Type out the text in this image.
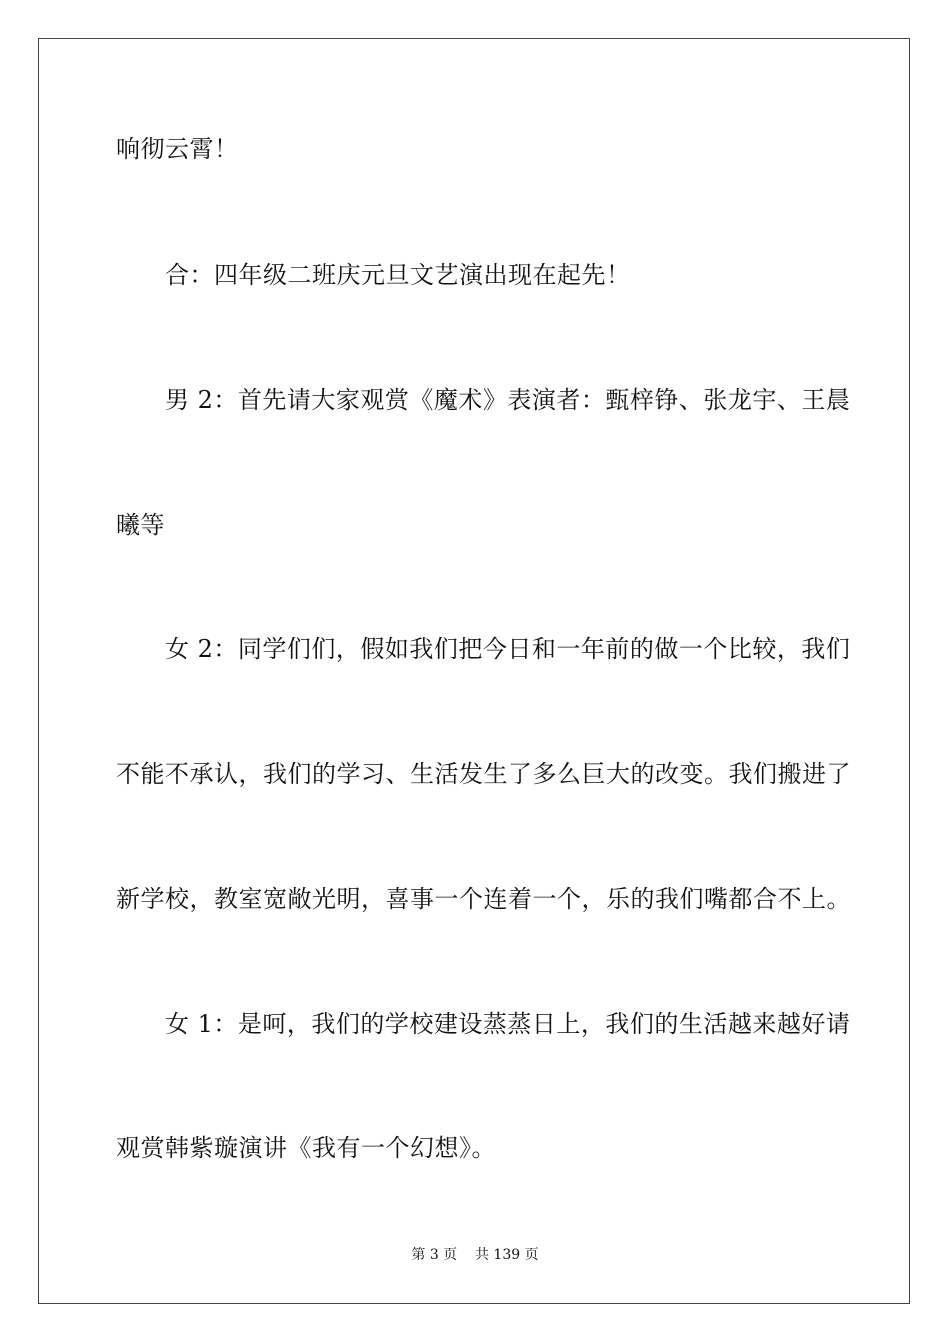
响彻云霄！
合：四年级二班庆元旦文艺演出现在起先！
男 2：首先请大家观赏《魔术》表演者：甄梓铮、张龙宇、王晨
曦等
女 2：同学们们，假如我们把今日和一年前的做一个比较，我们
不能不承认，我们的学习、生活发生了多么巨大的改变。我们搬进了
新学校，教室宽敞光明，喜事一个连着一个，乐的我们嘴都合不上。
女 1：是呵，我们的学校建设蒸蒸日上，我们的生活越来越好请
观赏韩紫璇演讲《我有一个幻想》。
第 3 页    共 139 页
